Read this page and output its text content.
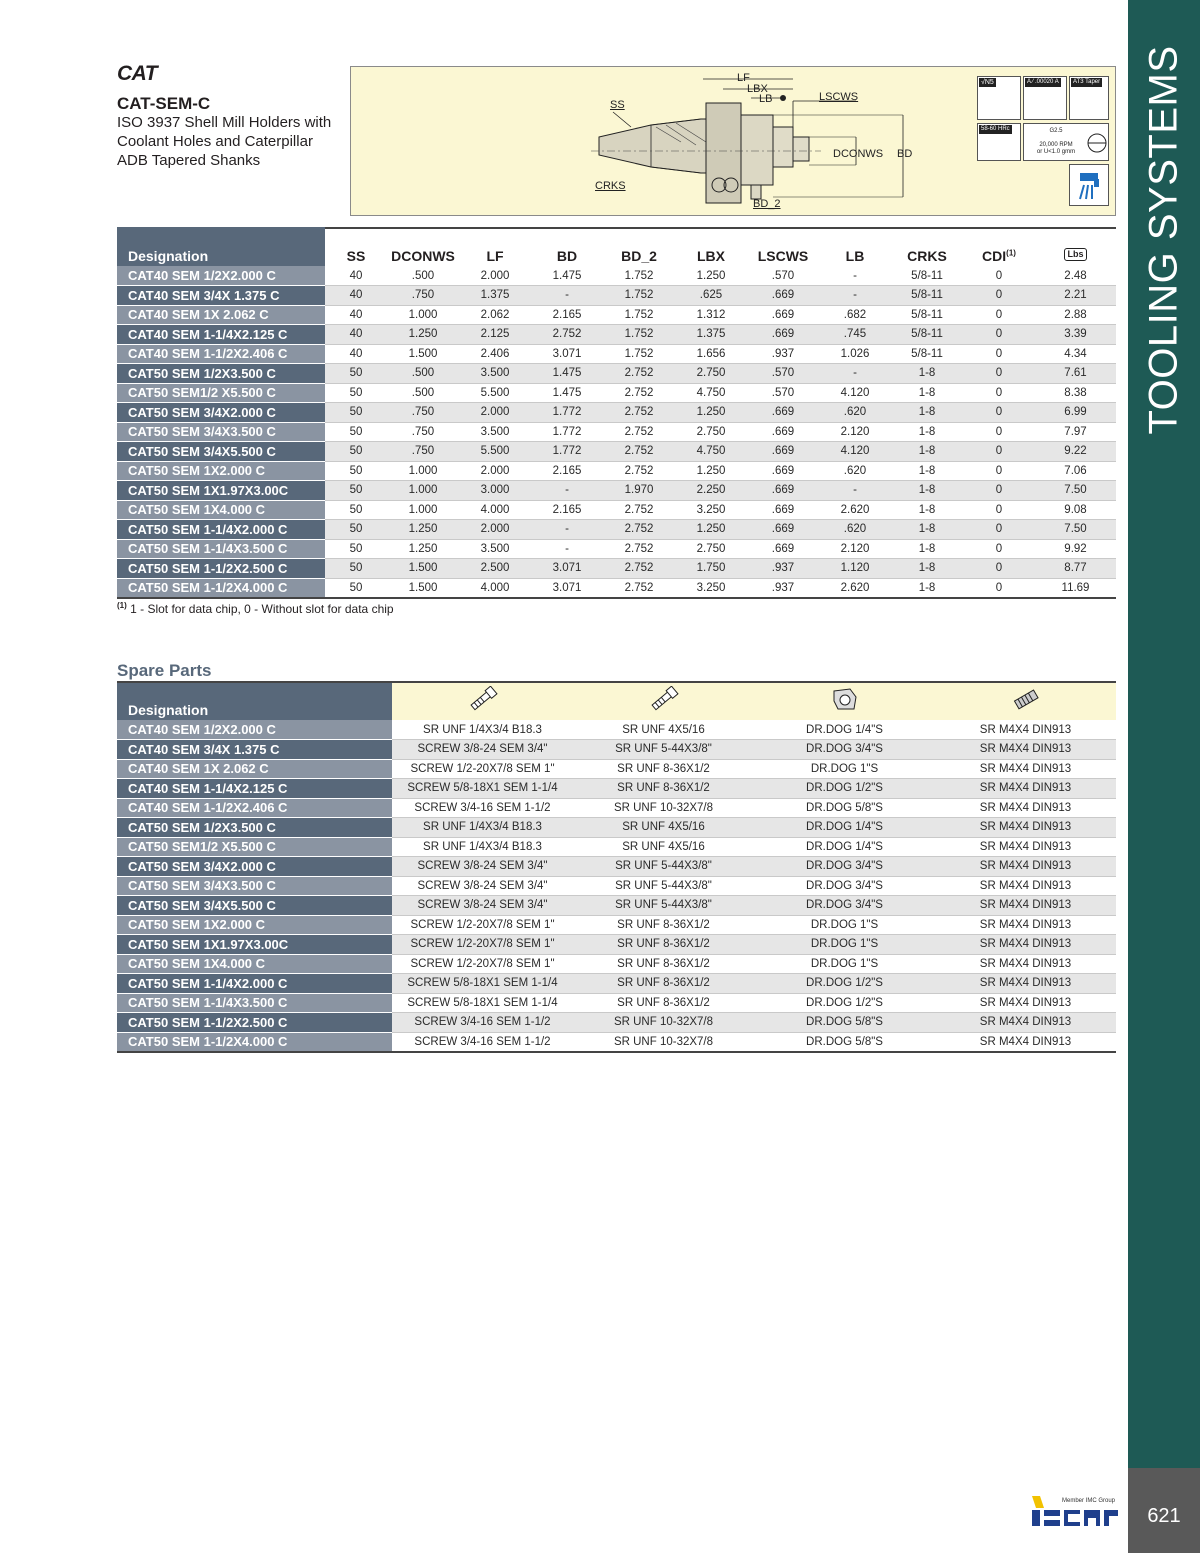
TOOLING SYSTEMS
621
CAT
CAT-SEM-C
ISO 3937 Shell Mill Holders with Coolant Holes and Caterpillar ADB Tapered Shanks
LF
LBX
LB	LSCWS
SS
DCONWS BD
CRKS
BD_2
√N5	A ⁄ .00020 A	AT3 Taper
58-60 HRc	G2.5
20,000 RPM
or U<1.0 gmm
Designation	SS	DCONWS	LF	BD	BD_2	LBX	LSCWS	LB	CRKS	CDI$^{(1)}$	Lbs
CAT40 SEM 1/2X2.000 C	40	.500	2.000	1.475	1.752	1.250	.570	-	5/8-11	0	2.48
CAT40 SEM 3/4X 1.375 C	40	.750	1.375	-	1.752	.625	.669	-	5/8-11	0	2.21
CAT40 SEM 1X 2.062 C	40	1.000	2.062	2.165	1.752	1.312	.669	.682	5/8-11	0	2.88
CAT40 SEM 1-1/4X2.125 C	40	1.250	2.125	2.752	1.752	1.375	.669	.745	5/8-11	0	3.39
CAT40 SEM 1-1/2X2.406 C	40	1.500	2.406	3.071	1.752	1.656	.937	1.026	5/8-11	0	4.34
CAT50 SEM 1/2X3.500 C	50	.500	3.500	1.475	2.752	2.750	.570	-	1-8	0	7.61
CAT50 SEM1/2 X5.500 C	50	.500	5.500	1.475	2.752	4.750	.570	4.120	1-8	0	8.38
CAT50 SEM 3/4X2.000 C	50	.750	2.000	1.772	2.752	1.250	.669	.620	1-8	0	6.99
CAT50 SEM 3/4X3.500 C	50	.750	3.500	1.772	2.752	2.750	.669	2.120	1-8	0	7.97
CAT50 SEM 3/4X5.500 C	50	.750	5.500	1.772	2.752	4.750	.669	4.120	1-8	0	9.22
CAT50 SEM 1X2.000 C	50	1.000	2.000	2.165	2.752	1.250	.669	.620	1-8	0	7.06
CAT50 SEM 1X1.97X3.00C	50	1.000	3.000	-	1.970	2.250	.669	-	1-8	0	7.50
CAT50 SEM 1X4.000 C	50	1.000	4.000	2.165	2.752	3.250	.669	2.620	1-8	0	9.08
CAT50 SEM 1-1/4X2.000 C	50	1.250	2.000	-	2.752	1.250	.669	.620	1-8	0	7.50
CAT50 SEM 1-1/4X3.500 C	50	1.250	3.500	-	2.752	2.750	.669	2.120	1-8	0	9.92
CAT50 SEM 1-1/2X2.500 C	50	1.500	2.500	3.071	2.752	1.750	.937	1.120	1-8	0	8.77
CAT50 SEM 1-1/2X4.000 C	50	1.500	4.000	3.071	2.752	3.250	.937	2.620	1-8	0	11.69
$^{(1)}$ 1 - Slot for data chip, 0 - Without slot for data chip
Spare Parts
Designation				
CAT40 SEM 1/2X2.000 C	SR UNF 1/4X3/4 B18.3	SR UNF 4X5/16	DR.DOG 1/4"S	SR M4X4 DIN913
CAT40 SEM 3/4X 1.375 C	SCREW 3/8-24 SEM 3/4"	SR UNF 5-44X3/8"	DR.DOG 3/4"S	SR M4X4 DIN913
CAT40 SEM 1X 2.062 C	SCREW 1/2-20X7/8 SEM 1"	SR UNF 8-36X1/2	DR.DOG 1"S	SR M4X4 DIN913
CAT40 SEM 1-1/4X2.125 C	SCREW 5/8-18X1 SEM 1-1/4	SR UNF 8-36X1/2	DR.DOG 1/2"S	SR M4X4 DIN913
CAT40 SEM 1-1/2X2.406 C	SCREW 3/4-16 SEM 1-1/2	SR UNF 10-32X7/8	DR.DOG 5/8"S	SR M4X4 DIN913
CAT50 SEM 1/2X3.500 C	SR UNF 1/4X3/4 B18.3	SR UNF 4X5/16	DR.DOG 1/4"S	SR M4X4 DIN913
CAT50 SEM1/2 X5.500 C	SR UNF 1/4X3/4 B18.3	SR UNF 4X5/16	DR.DOG 1/4"S	SR M4X4 DIN913
CAT50 SEM 3/4X2.000 C	SCREW 3/8-24 SEM 3/4"	SR UNF 5-44X3/8"	DR.DOG 3/4"S	SR M4X4 DIN913
CAT50 SEM 3/4X3.500 C	SCREW 3/8-24 SEM 3/4"	SR UNF 5-44X3/8"	DR.DOG 3/4"S	SR M4X4 DIN913
CAT50 SEM 3/4X5.500 C	SCREW 3/8-24 SEM 3/4"	SR UNF 5-44X3/8"	DR.DOG 3/4"S	SR M4X4 DIN913
CAT50 SEM 1X2.000 C	SCREW 1/2-20X7/8 SEM 1"	SR UNF 8-36X1/2	DR.DOG 1"S	SR M4X4 DIN913
CAT50 SEM 1X1.97X3.00C	SCREW 1/2-20X7/8 SEM 1"	SR UNF 8-36X1/2	DR.DOG 1"S	SR M4X4 DIN913
CAT50 SEM 1X4.000 C	SCREW 1/2-20X7/8 SEM 1"	SR UNF 8-36X1/2	DR.DOG 1"S	SR M4X4 DIN913
CAT50 SEM 1-1/4X2.000 C	SCREW 5/8-18X1 SEM 1-1/4	SR UNF 8-36X1/2	DR.DOG 1/2"S	SR M4X4 DIN913
CAT50 SEM 1-1/4X3.500 C	SCREW 5/8-18X1 SEM 1-1/4	SR UNF 8-36X1/2	DR.DOG 1/2"S	SR M4X4 DIN913
CAT50 SEM 1-1/2X2.500 C	SCREW 3/4-16 SEM 1-1/2	SR UNF 10-32X7/8	DR.DOG 5/8"S	SR M4X4 DIN913
CAT50 SEM 1-1/2X4.000 C	SCREW 3/4-16 SEM 1-1/2	SR UNF 10-32X7/8	DR.DOG 5/8"S	SR M4X4 DIN913
Member IMC Group
